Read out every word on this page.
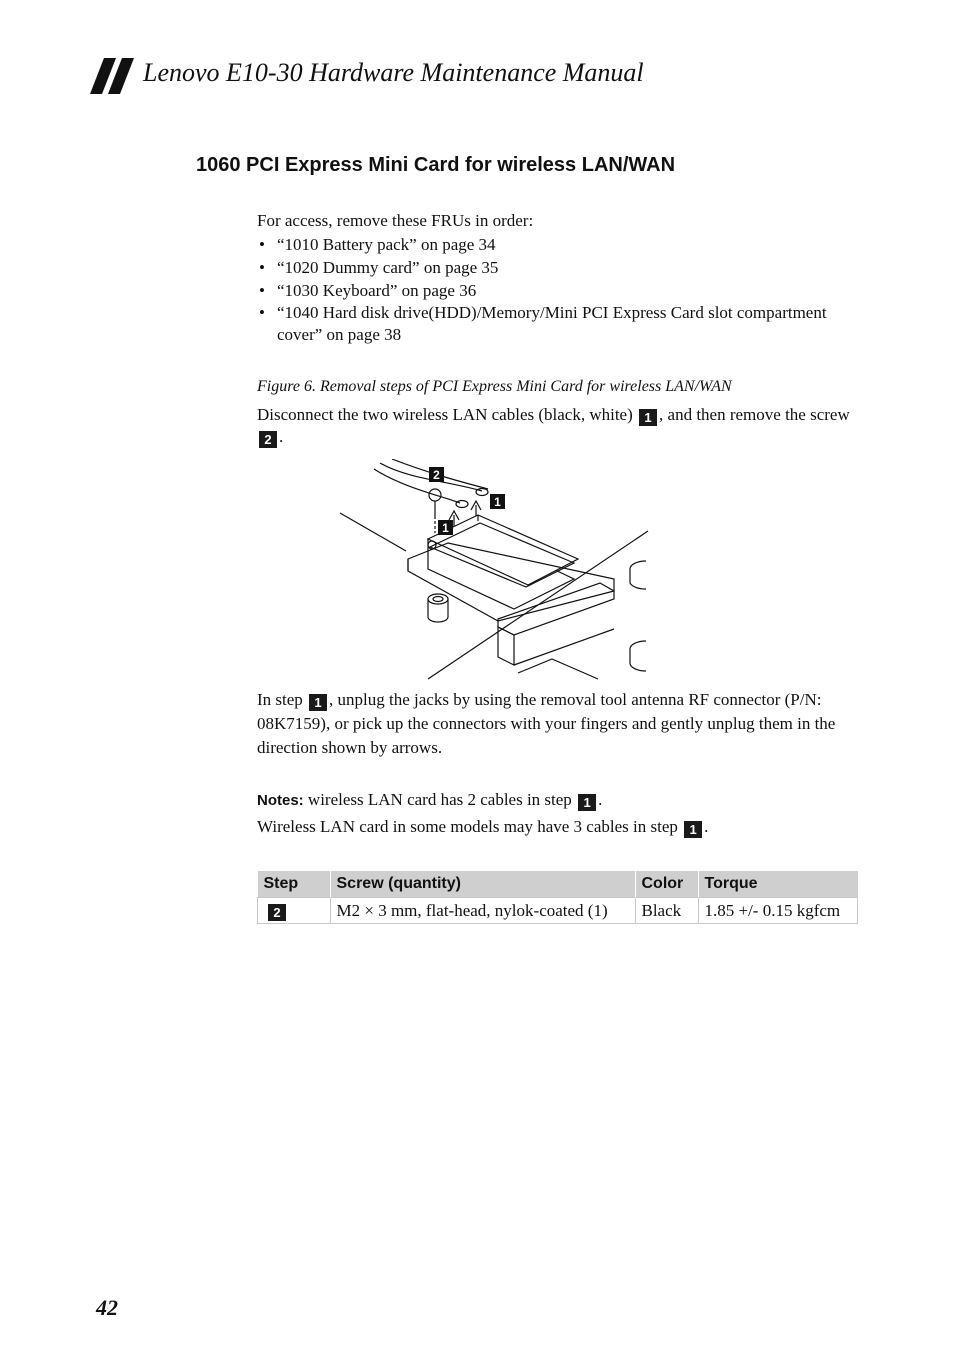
Lenovo E10-30 Hardware Maintenance Manual
1060 PCI Express Mini Card for wireless LAN/WAN
For access, remove these FRUs in order:
• “1010 Battery pack” on page 34
• “1020 Dummy card” on page 35
• “1030 Keyboard” on page 36
• “1040 Hard disk drive(HDD)/Memory/Mini PCI Express Card slot compartment cover” on page 38
Figure 6. Removal steps of PCI Express Mini Card for wireless LAN/WAN
Disconnect the two wireless LAN cables (black, white) 1 , and then remove the screw 2 .
2
1
1
In step 1 , unplug the jacks by using the removal tool antenna RF connector (P/N: 08K7159), or pick up the connectors with your fingers and gently unplug them in the direction shown by arrows.
Notes: wireless LAN card has 2 cables in step 1 .
Wireless LAN card in some models may have 3 cables in step 1 .
Step	Screw (quantity)	Color	Torque
2	M2 × 3 mm, flat-head, nylok-coated (1)	Black	1.85 +/- 0.15 kgfcm
42
